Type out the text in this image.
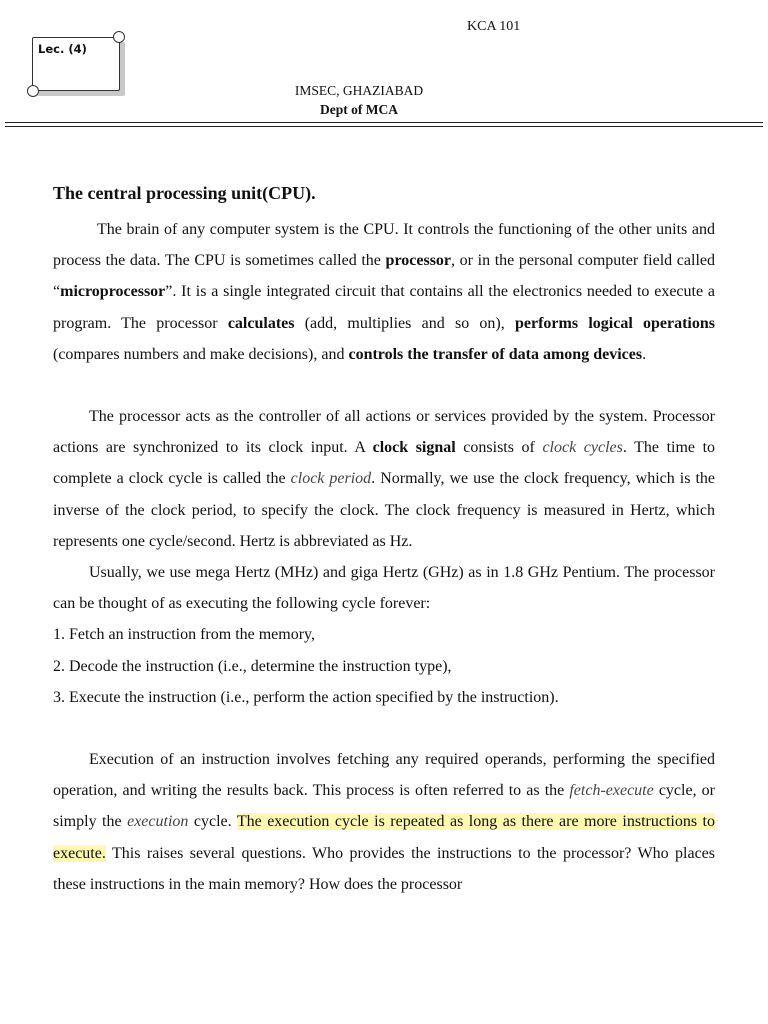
KCA 101
Lec. (4)
IMSEC, GHAZIABAD
Dept of MCA
The central processing unit(CPU).

The brain of any computer system is the CPU. It controls the functioning of the other units and process the data. The CPU is sometimes called the processor, or in the personal computer field called “microprocessor”. It is a single integrated circuit that contains all the electronics needed to execute a program. The processor calculates (add, multiplies and so on), performs logical operations (compares numbers and make decisions), and controls the transfer of data among devices.

The processor acts as the controller of all actions or services provided by the system. Processor actions are synchronized to its clock input. A clock signal consists of clock cycles. The time to complete a clock cycle is called the clock period. Normally, we use the clock frequency, which is the inverse of the clock period, to specify the clock. The clock frequency is measured in Hertz, which represents one cycle/second. Hertz is abbreviated as Hz.

Usually, we use mega Hertz (MHz) and giga Hertz (GHz) as in 1.8 GHz Pentium. The processor can be thought of as executing the following cycle forever:

1. Fetch an instruction from the memory,

2. Decode the instruction (i.e., determine the instruction type),

3. Execute the instruction (i.e., perform the action specified by the instruction).

Execution of an instruction involves fetching any required operands, performing the specified operation, and writing the results back. This process is often referred to as the fetch-execute cycle, or simply the execution cycle. The execution cycle is repeated as long as there are more instructions to execute. This raises several questions. Who provides the instructions to the processor? Who places these instructions in the main memory? How does the processor
